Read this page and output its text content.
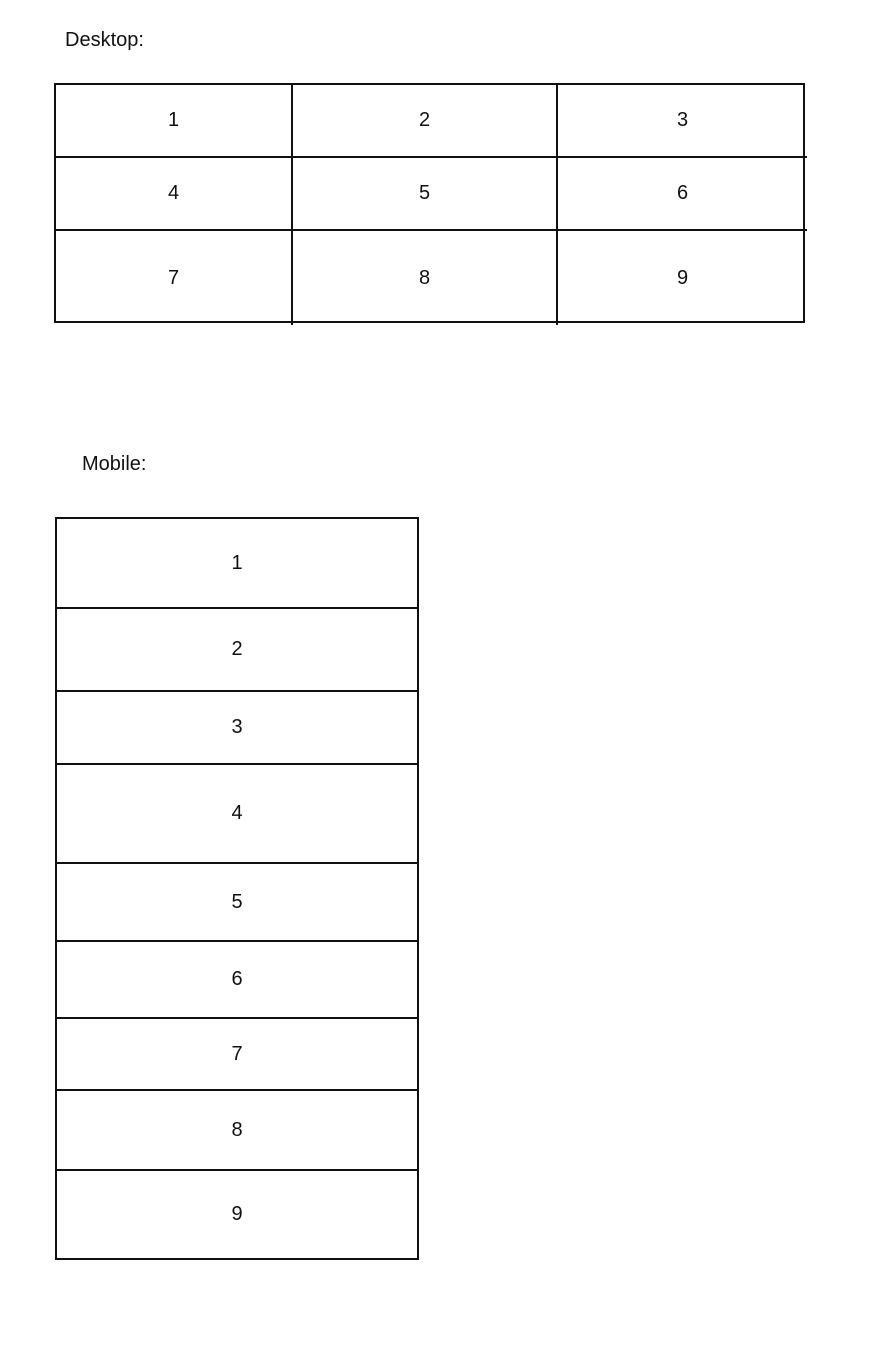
Desktop:
1	2	3
4	5	6
7	8	9
Mobile:
1
2
3
4
5
6
7
8
9
